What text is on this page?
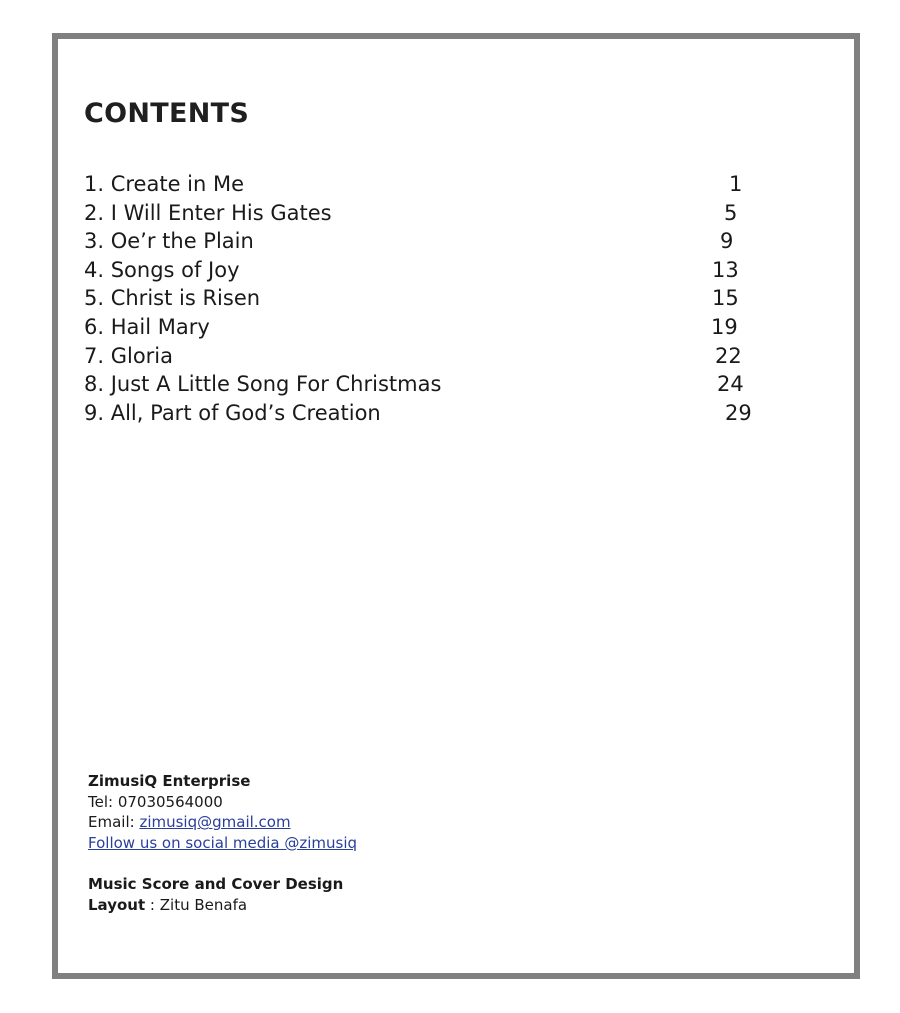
CONTENTS
1. Create in Me	1
2. I Will Enter His Gates	5
3. Oe’r the Plain	9
4. Songs of Joy	13
5. Christ is Risen	15
6. Hail Mary	19
7. Gloria	22
8. Just A Little Song For Christmas	24
9. All, Part of God’s Creation	29
ZimusiQ Enterprise
Tel: 07030564000
Email: zimusiq@gmail.com
Follow us on social media @zimusiq
Music Score and Cover Design
Layout : Zitu Benafa
